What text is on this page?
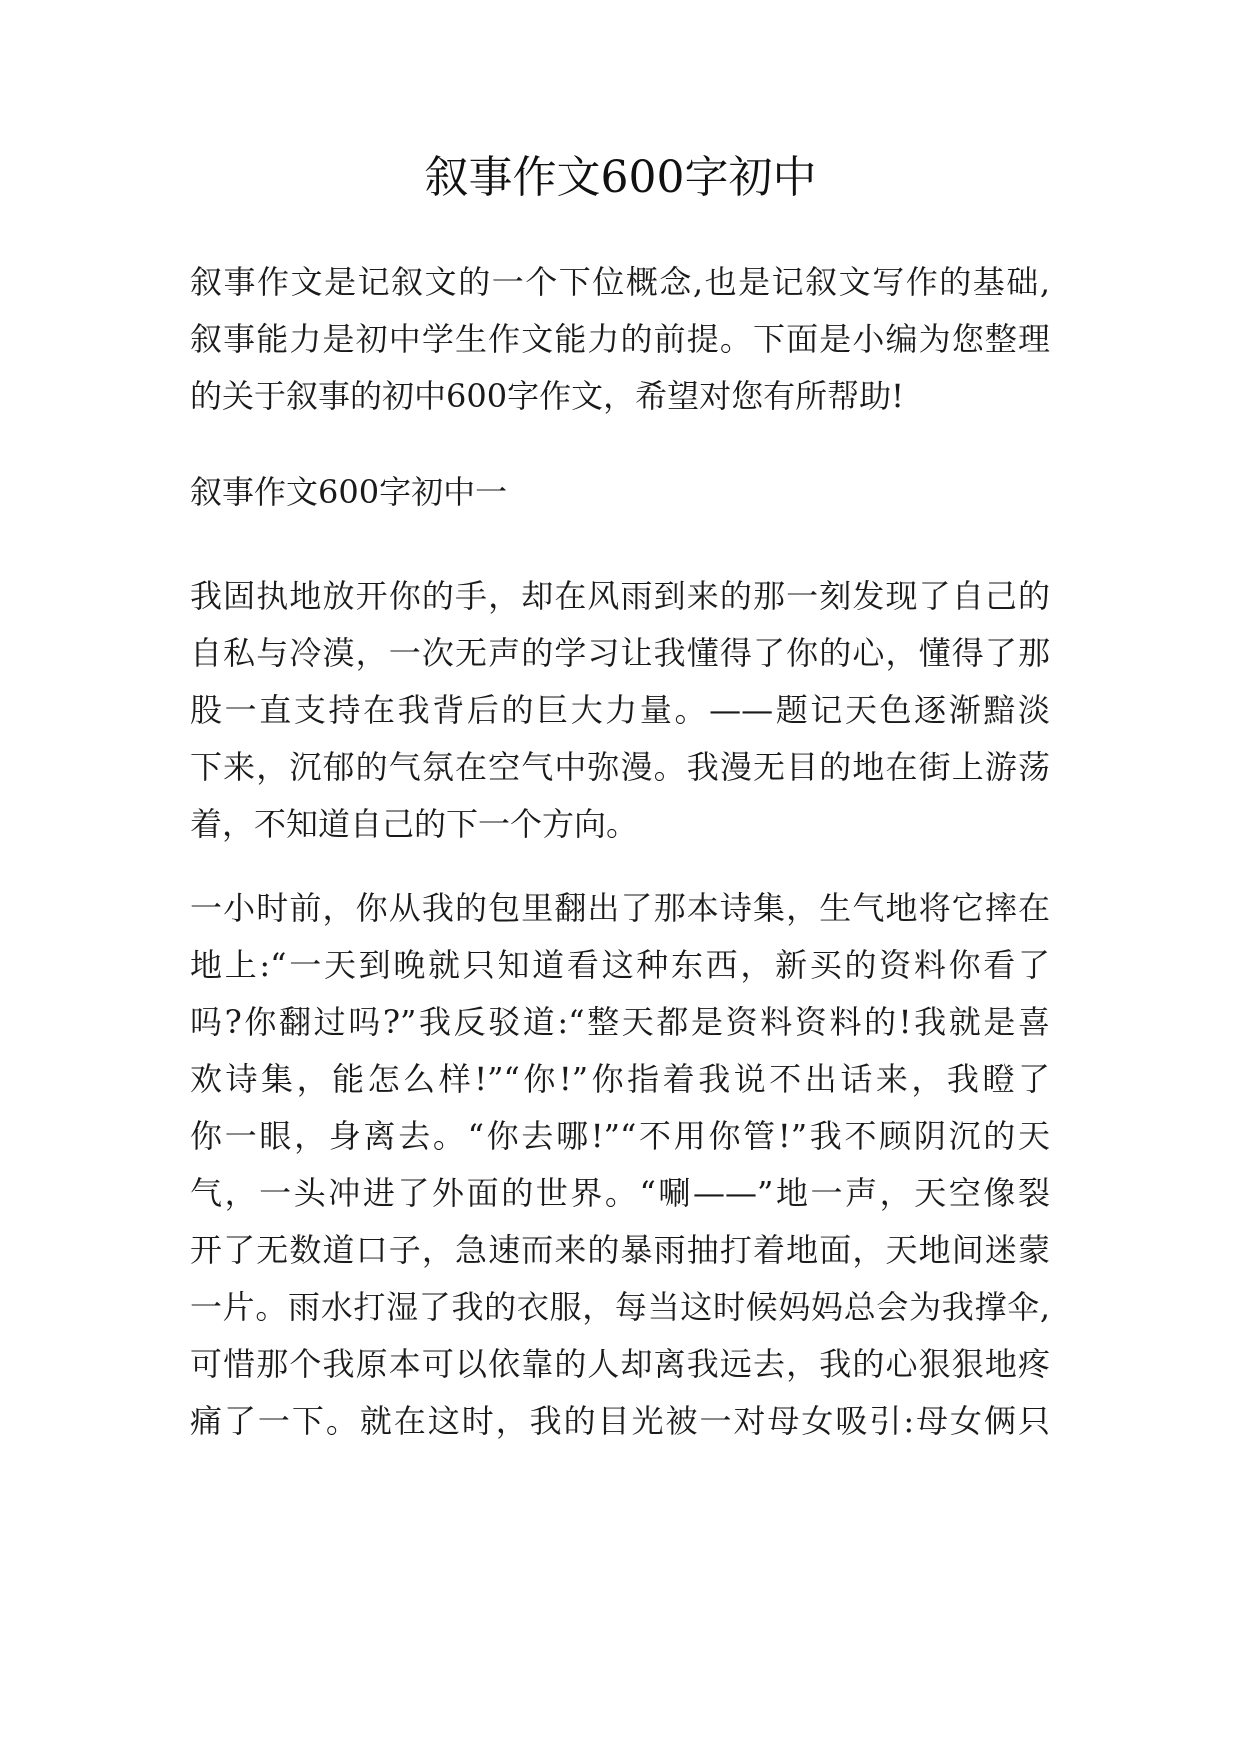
叙事作文600字初中
叙事作文是记叙文的一个下位概念,也是记叙文写作的基础,
叙事能力是初中学生作文能力的前提。下面是小编为您整理
的关于叙事的初中600字作文，希望对您有所帮助!
叙事作文600字初中一
我固执地放开你的手，却在风雨到来的那一刻发现了自己的
自私与冷漠，一次无声的学习让我懂得了你的心，懂得了那
股一直支持在我背后的巨大力量。——题记天色逐渐黯淡
下来，沉郁的气氛在空气中弥漫。我漫无目的地在街上游荡
着，不知道自己的下一个方向。
一小时前，你从我的包里翻出了那本诗集，生气地将它摔在
地上:“一天到晚就只知道看这种东西，新买的资料你看了
吗?你翻过吗?”我反驳道:“整天都是资料资料的!我就是喜
欢诗集，能怎么样!”“你!”你指着我说不出话来，我瞪了
你一眼，身离去。“你去哪!”“不用你管!”我不顾阴沉的天
气，一头冲进了外面的世界。“唰——”地一声，天空像裂
开了无数道口子，急速而来的暴雨抽打着地面，天地间迷蒙
一片。雨水打湿了我的衣服，每当这时候妈妈总会为我撑伞,
可惜那个我原本可以依靠的人却离我远去，我的心狠狠地疼
痛了一下。就在这时，我的目光被一对母女吸引:母女俩只
